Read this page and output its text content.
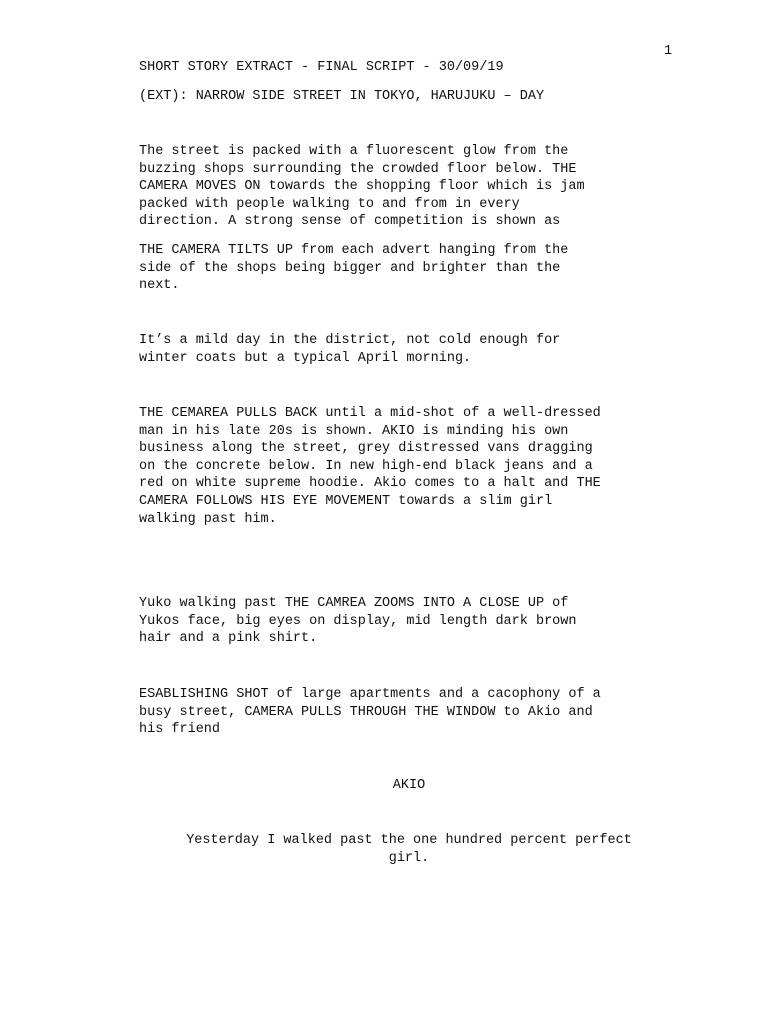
1

SHORT STORY EXTRACT - FINAL SCRIPT - 30/09/19

(EXT): NARROW SIDE STREET IN TOKYO, HARUJUKU – DAY

The street is packed with a fluorescent glow from the
buzzing shops surrounding the crowded floor below. THE
CAMERA MOVES ON towards the shopping floor which is jam
packed with people walking to and from in every
direction. A strong sense of competition is shown as

THE CAMERA TILTS UP from each advert hanging from the
side of the shops being bigger and brighter than the
next.

It’s a mild day in the district, not cold enough for
winter coats but a typical April morning.

THE CEMAREA PULLS BACK until a mid-shot of a well-dressed
man in his late 20s is shown. AKIO is minding his own
business along the street, grey distressed vans dragging
on the concrete below. In new high-end black jeans and a
red on white supreme hoodie. Akio comes to a halt and THE
CAMERA FOLLOWS HIS EYE MOVEMENT towards a slim girl
walking past him.

Yuko walking past THE CAMREA ZOOMS INTO A CLOSE UP of
Yukos face, big eyes on display, mid length dark brown
hair and a pink shirt.

ESABLISHING SHOT of large apartments and a cacophony of a
busy street, CAMERA PULLS THROUGH THE WINDOW to Akio and
his friend

AKIO

Yesterday I walked past the one hundred percent perfect
girl.
